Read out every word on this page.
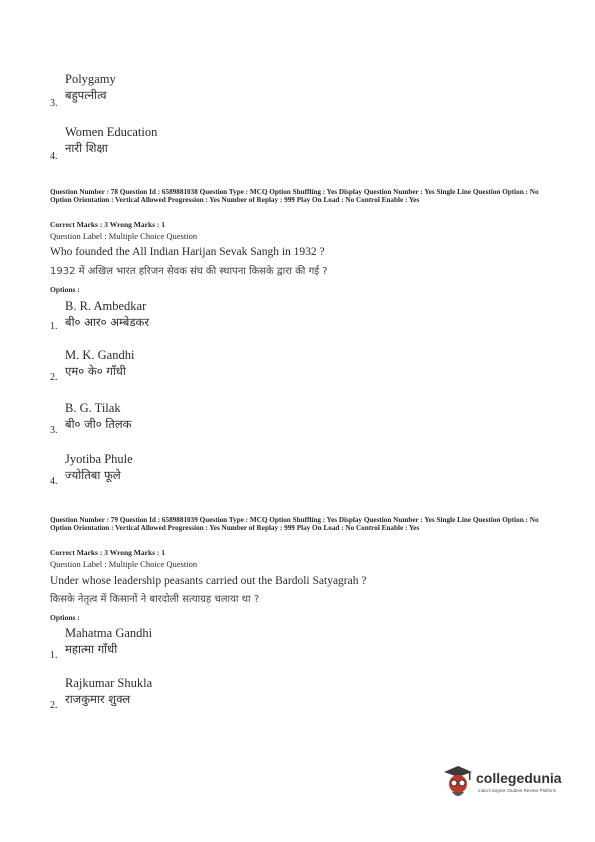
Polygamy
बहुपत्नीत्व
3.
Women Education
नारी शिक्षा
4.
Question Number : 78 Question Id : 6589881038 Question Type : MCQ Option Shuffling : Yes Display Question Number : Yes Single Line Question Option : No Option Orientation : Vertical Allowed Progression : Yes Number of Replay : 999 Play On Load : No Control Enable : Yes
Correct Marks : 3 Wrong Marks : 1
Question Label : Multiple Choice Question
Who founded the All Indian Harijan Sevak Sangh in 1932 ?
1932 में अखिल भारत हरिजन सेवक संघ की स्थापना किसके द्वारा की गई ?
Options :
B. R. Ambedkar
बी० आर० अम्बेडकर
1.
M. K. Gandhi
एम० के० गाँधी
2.
B. G. Tilak
बी० जी० तिलक
3.
Jyotiba Phule
ज्योतिबा फूले
4.
Question Number : 79 Question Id : 6589881039 Question Type : MCQ Option Shuffling : Yes Display Question Number : Yes Single Line Question Option : No Option Orientation : Vertical Allowed Progression : Yes Number of Replay : 999 Play On Load : No Control Enable : Yes
Correct Marks : 3 Wrong Marks : 1
Question Label : Multiple Choice Question
Under whose leadership peasants carried out the Bardoli Satyagrah ?
किसके नेतृत्व में किसानों ने बारदोली सत्याग्रह चलाया था ?
Options :
Mahatma Gandhi
महात्मा गाँधी
1.
Rajkumar Shukla
राजकुमार शुक्ल
2.
collegedunia
India's largest Student Review Platform
